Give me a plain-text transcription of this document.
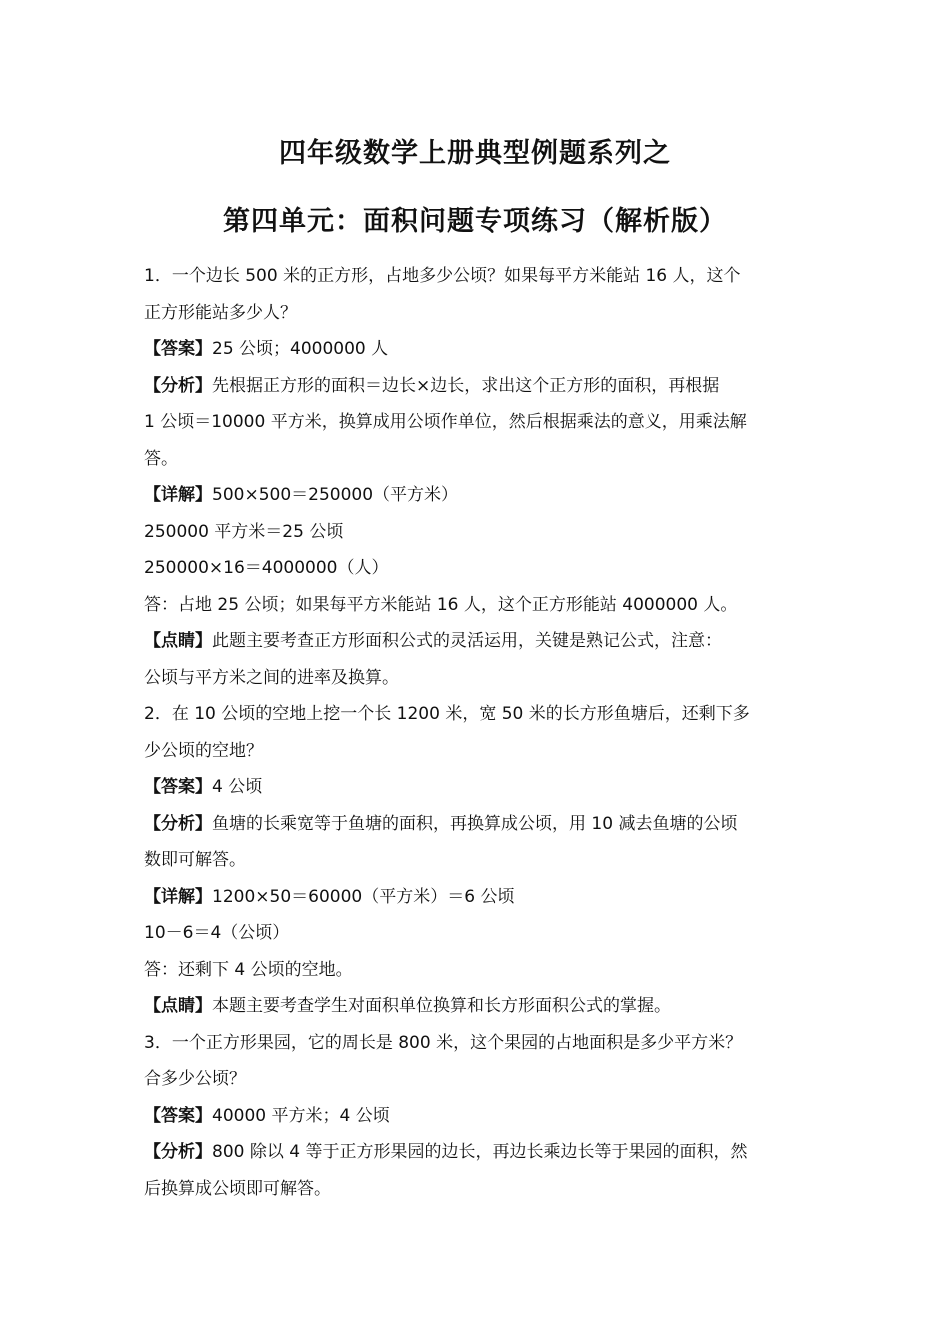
四年级数学上册典型例题系列之
第四单元：面积问题专项练习（解析版）
1．一个边长 500 米的正方形，占地多少公顷？如果每平方米能站 16 人，这个
正方形能站多少人？
【答案】25 公顷；4000000 人
【分析】先根据正方形的面积＝边长×边长，求出这个正方形的面积，再根据
1 公顷＝10000 平方米，换算成用公顷作单位，然后根据乘法的意义，用乘法解
答。
【详解】500×500＝250000（平方米）
250000 平方米＝25 公顷
250000×16＝4000000（人）
答：占地 25 公顷；如果每平方米能站 16 人，这个正方形能站 4000000 人。
【点睛】此题主要考查正方形面积公式的灵活运用，关键是熟记公式，注意：
公顷与平方米之间的进率及换算。
2．在 10 公顷的空地上挖一个长 1200 米，宽 50 米的长方形鱼塘后，还剩下多
少公顷的空地？
【答案】4 公顷
【分析】鱼塘的长乘宽等于鱼塘的面积，再换算成公顷，用 10 减去鱼塘的公顷
数即可解答。
【详解】1200×50＝60000（平方米）＝6 公顷
10－6＝4（公顷）
答：还剩下 4 公顷的空地。
【点睛】本题主要考查学生对面积单位换算和长方形面积公式的掌握。
3．一个正方形果园，它的周长是 800 米，这个果园的占地面积是多少平方米？
合多少公顷？
【答案】40000 平方米；4 公顷
【分析】800 除以 4 等于正方形果园的边长，再边长乘边长等于果园的面积，然
后换算成公顷即可解答。
